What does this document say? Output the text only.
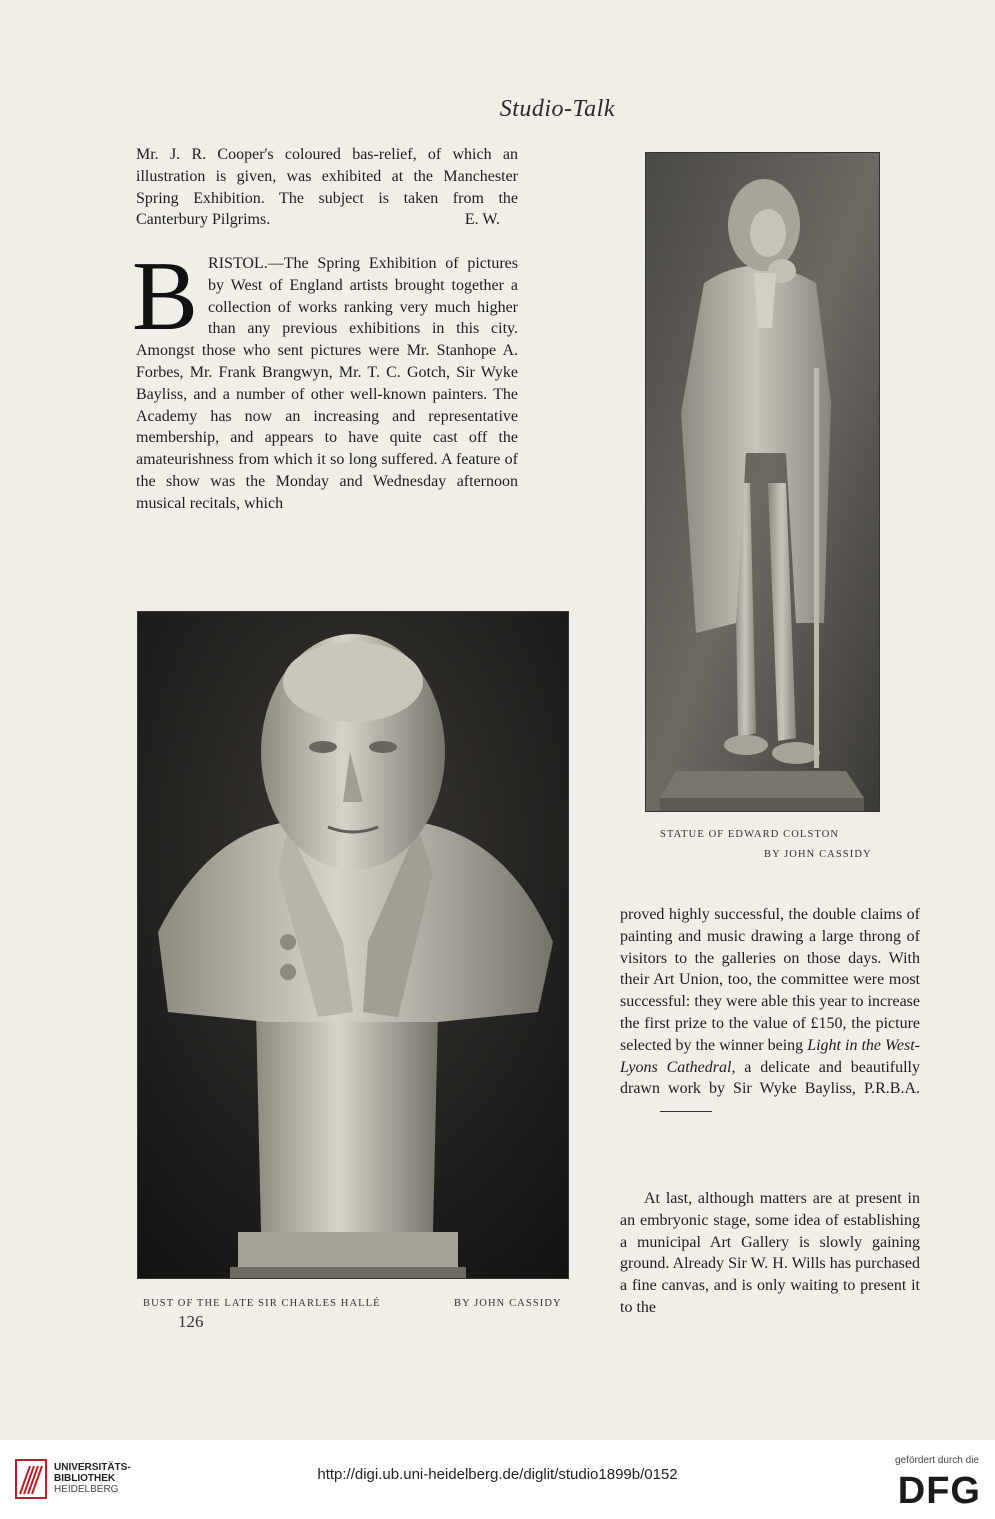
Studio-Talk

Mr. J. R. Cooper's coloured bas-relief, of which an illustration is given, was exhibited at the Manchester Spring Exhibition. The subject is taken from the Canterbury Pilgrims.	E. W.

BRISTOL.—The Spring Exhibition of pictures by West of England artists brought together a collection of works ranking very much higher than any previous exhibitions in this city. Amongst those who sent pictures were Mr. Stanhope A. Forbes, Mr. Frank Brangwyn, Mr. T. C. Gotch, Sir Wyke Bayliss, and a number of other well-known painters. The Academy has now an increasing and representative membership, and appears to have quite cast off the amateurishness from which it so long suffered. A feature of the show was the Monday and Wednesday afternoon musical recitals, which

STATUE OF EDWARD COLSTON
BY JOHN CASSIDY
BUST OF THE LATE SIR CHARLES HALLÉ	BY JOHN CASSIDY

proved highly successful, the double claims of painting and music drawing a large throng of visitors to the galleries on those days. With their Art Union, too, the committee were most successful: they were able this year to increase the first prize to the value of £150, the picture selected by the winner being Light in the West-Lyons Cathedral, a delicate and beautifully drawn work by Sir Wyke Bayliss, P.R.B.A.

At last, although matters are at present in an embryonic stage, some idea of establishing a municipal Art Gallery is slowly gaining ground. Already Sir W. H. Wills has purchased a fine canvas, and is only waiting to present it to the

126
UNIVERSITÄTS-
BIBLIOTHEK
HEIDELBERG
http://digi.ub.uni-heidelberg.de/diglit/studio1899b/0152
gefördert durch die
DFG
